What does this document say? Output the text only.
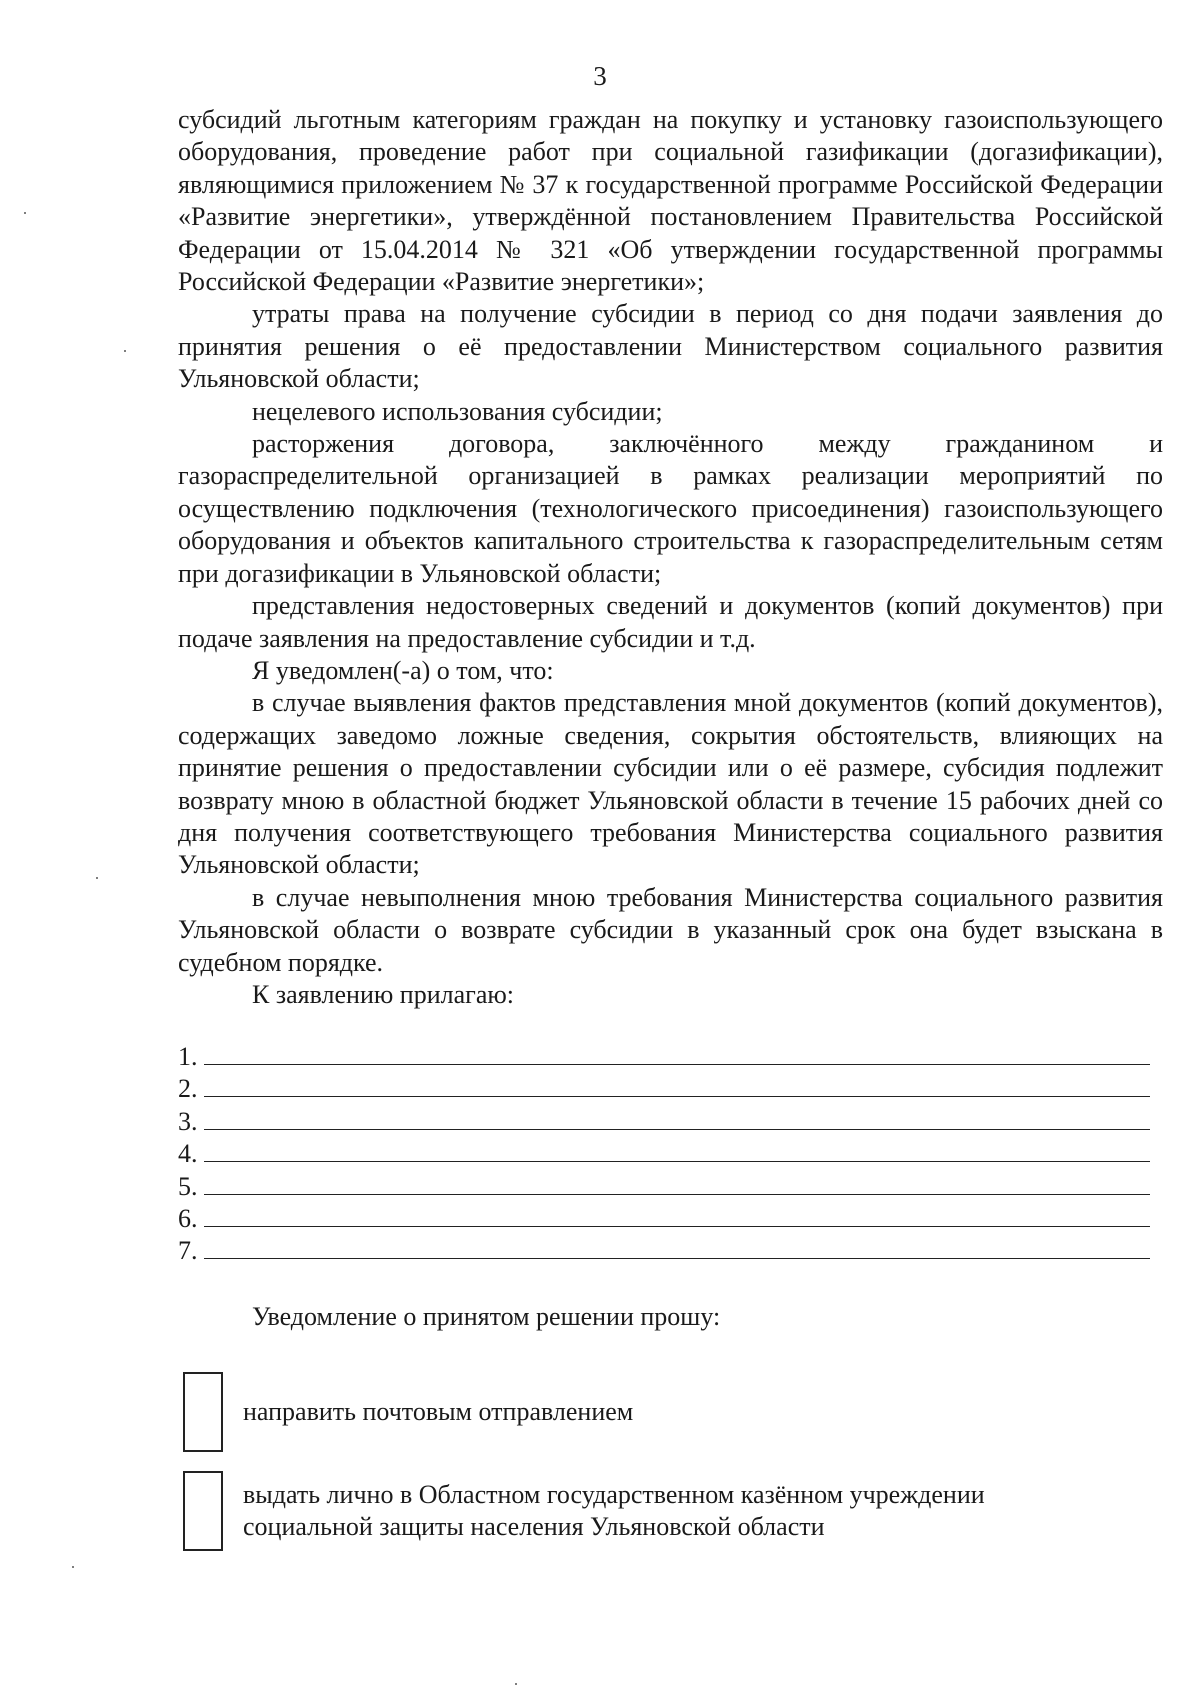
3

субсидий льготным категориям граждан на покупку и установку газоиспользующего оборудования, проведение работ при социальной газификации (догазификации), являющимися приложением № 37 к государственной программе Российской Федерации «Развитие энергетики», утверждённой постановлением Правительства Российской Федерации от 15.04.2014 № 321 «Об утверждении государственной программы Российской Федерации «Развитие энергетики»;

утраты права на получение субсидии в период со дня подачи заявления до принятия решения о её предоставлении Министерством социального развития Ульяновской области;

нецелевого использования субсидии;

расторжения договора, заключённого между гражданином и газораспределительной организацией в рамках реализации мероприятий по осуществлению подключения (технологического присоединения) газоиспользующего оборудования и объектов капитального строительства к газораспределительным сетям при догазификации в Ульяновской области;

представления недостоверных сведений и документов (копий документов) при подаче заявления на предоставление субсидии и т.д.

Я уведомлен(-а) о том, что:

в случае выявления фактов представления мной документов (копий документов), содержащих заведомо ложные сведения, сокрытия обстоятельств, влияющих на принятие решения о предоставлении субсидии или о её размере, субсидия подлежит возврату мною в областной бюджет Ульяновской области в течение 15 рабочих дней со дня получения соответствующего требования Министерства социального развития Ульяновской области;

в случае невыполнения мною требования Министерства социального развития Ульяновской области о возврате субсидии в указанный срок она будет взыскана в судебном порядке.

К заявлению прилагаю:

1.
2.
3.
4.
5.
6.
7.
Уведомление о принятом решении прошу:
направить почтовым отправлением
выдать лично в Областном государственном казённом учреждении социальной защиты населения Ульяновской области
